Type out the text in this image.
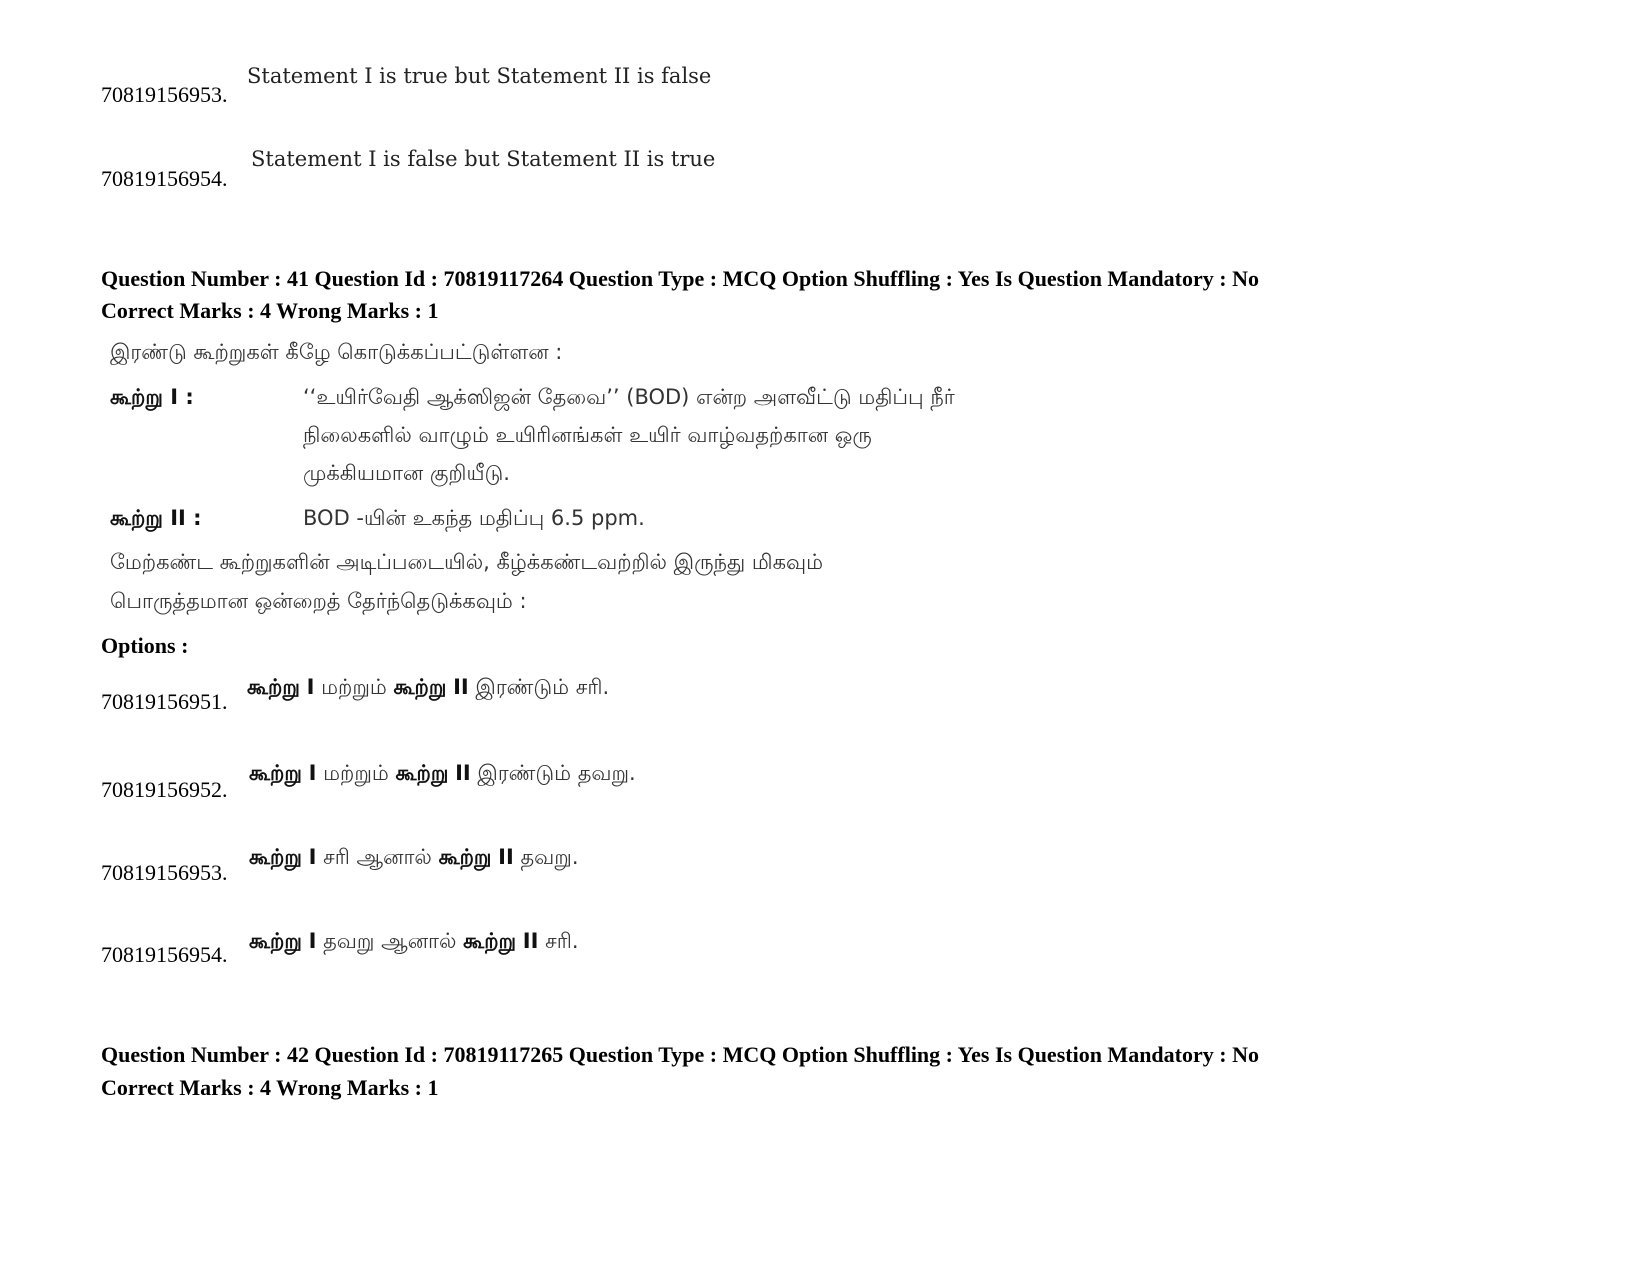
70819156953.
Statement I is true but Statement II is false
70819156954.
Statement I is false but Statement II is true
Question Number : 41 Question Id : 70819117264 Question Type : MCQ Option Shuffling : Yes Is Question Mandatory : No
Correct Marks : 4 Wrong Marks : 1
இரண்டு கூற்றுகள் கீழே கொடுக்கப்பட்டுள்ளன :
கூற்று I :	‘‘உயிர்வேதி ஆக்ஸிஜன் தேவை’’ (BOD) என்ற அளவீட்டு மதிப்பு நீர்
நிலைகளில் வாழும் உயிரினங்கள் உயிர் வாழ்வதற்கான ஒரு
முக்கியமான குறியீடு.
கூற்று II :	BOD -யின் உகந்த மதிப்பு 6.5 ppm.
மேற்கண்ட கூற்றுகளின் அடிப்படையில், கீழ்க்கண்டவற்றில் இருந்து மிகவும்
பொருத்தமான ஒன்றைத் தேர்ந்தெடுக்கவும் :
Options :
70819156951.
கூற்று I மற்றும் கூற்று II இரண்டும் சரி.
70819156952.
கூற்று I மற்றும் கூற்று II இரண்டும் தவறு.
70819156953.
கூற்று I சரி ஆனால் கூற்று II தவறு.
70819156954.
கூற்று I தவறு ஆனால் கூற்று II சரி.
Question Number : 42 Question Id : 70819117265 Question Type : MCQ Option Shuffling : Yes Is Question Mandatory : No
Correct Marks : 4 Wrong Marks : 1
